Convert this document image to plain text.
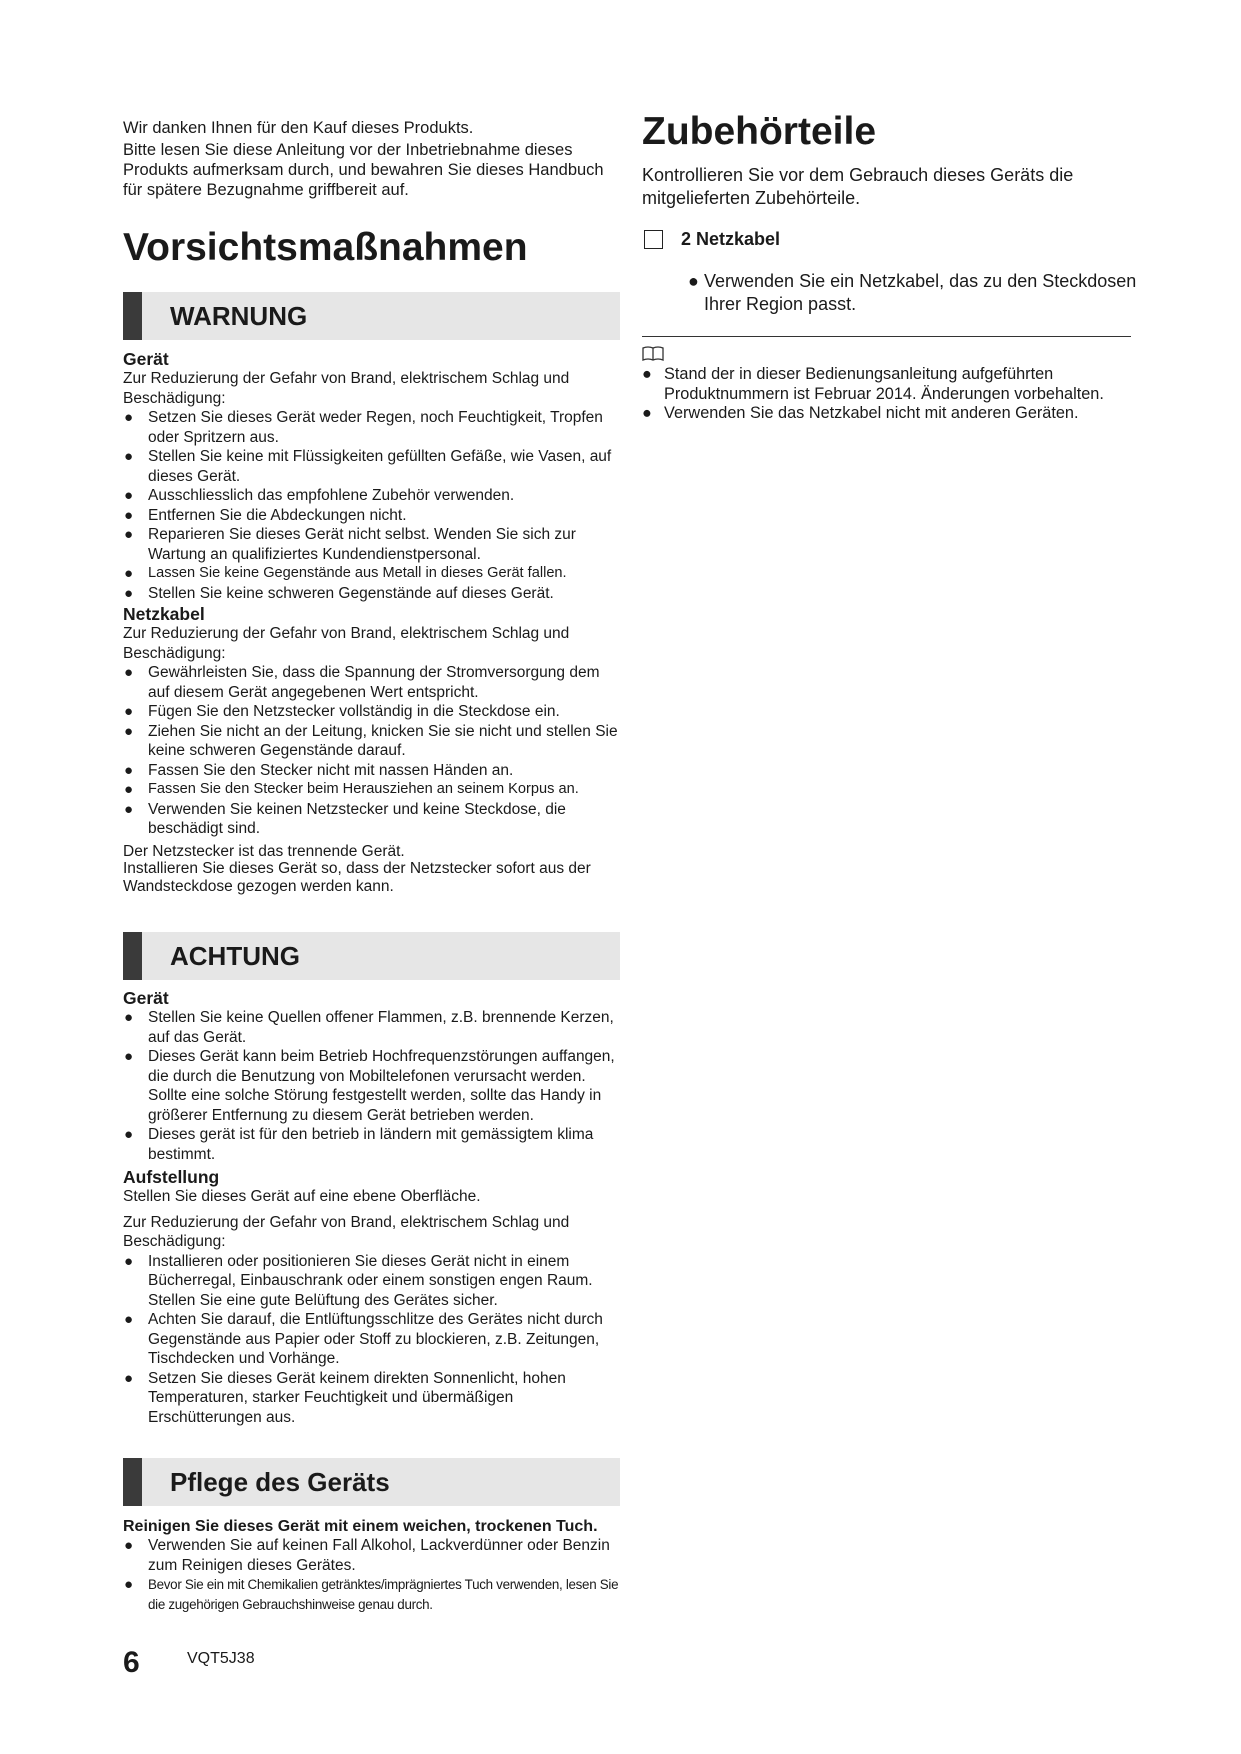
Wir danken Ihnen für den Kauf dieses Produkts.

Bitte lesen Sie diese Anleitung vor der Inbetriebnahme dieses Produkts aufmerksam durch, und bewahren Sie dieses Handbuch für spätere Bezugnahme griffbereit auf.

Vorsichtsmaßnahmen
WARNUNG

Gerät

Zur Reduzierung der Gefahr von Brand, elektrischem Schlag und Beschädigung:

● Setzen Sie dieses Gerät weder Regen, noch Feuchtigkeit, Tropfen oder Spritzern aus.
● Stellen Sie keine mit Flüssigkeiten gefüllten Gefäße, wie Vasen, auf dieses Gerät.
● Ausschliesslich das empfohlene Zubehör verwenden.
● Entfernen Sie die Abdeckungen nicht.
● Reparieren Sie dieses Gerät nicht selbst. Wenden Sie sich zur Wartung an qualifiziertes Kundendienstpersonal.
● Lassen Sie keine Gegenstände aus Metall in dieses Gerät fallen.
● Stellen Sie keine schweren Gegenstände auf dieses Gerät.

Netzkabel

Zur Reduzierung der Gefahr von Brand, elektrischem Schlag und Beschädigung:

● Gewährleisten Sie, dass die Spannung der Stromversorgung dem auf diesem Gerät angegebenen Wert entspricht.
● Fügen Sie den Netzstecker vollständig in die Steckdose ein.
● Ziehen Sie nicht an der Leitung, knicken Sie sie nicht und stellen Sie keine schweren Gegenstände darauf.
● Fassen Sie den Stecker nicht mit nassen Händen an.
● Fassen Sie den Stecker beim Herausziehen an seinem Korpus an.
● Verwenden Sie keinen Netzstecker und keine Steckdose, die beschädigt sind.

Der Netzstecker ist das trennende Gerät.

Installieren Sie dieses Gerät so, dass der Netzstecker sofort aus der Wandsteckdose gezogen werden kann.

ACHTUNG

Gerät

● Stellen Sie keine Quellen offener Flammen, z.B. brennende Kerzen, auf das Gerät.
● Dieses Gerät kann beim Betrieb Hochfrequenzstörungen auffangen, die durch die Benutzung von Mobiltelefonen verursacht werden. Sollte eine solche Störung festgestellt werden, sollte das Handy in größerer Entfernung zu diesem Gerät betrieben werden.
● Dieses gerät ist für den betrieb in ländern mit gemässigtem klima bestimmt.

Aufstellung

Stellen Sie dieses Gerät auf eine ebene Oberfläche.

Zur Reduzierung der Gefahr von Brand, elektrischem Schlag und Beschädigung:

● Installieren oder positionieren Sie dieses Gerät nicht in einem Bücherregal, Einbauschrank oder einem sonstigen engen Raum. Stellen Sie eine gute Belüftung des Gerätes sicher.
● Achten Sie darauf, die Entlüftungsschlitze des Gerätes nicht durch Gegenstände aus Papier oder Stoff zu blockieren, z.B. Zeitungen, Tischdecken und Vorhänge.
● Setzen Sie dieses Gerät keinem direkten Sonnenlicht, hohen Temperaturen, starker Feuchtigkeit und übermäßigen Erschütterungen aus.
Pflege des Geräts

Reinigen Sie dieses Gerät mit einem weichen, trockenen Tuch.

● Verwenden Sie auf keinen Fall Alkohol, Lackverdünner oder Benzin zum Reinigen dieses Gerätes.
● Bevor Sie ein mit Chemikalien getränktes/imprägniertes Tuch verwenden, lesen Sie die zugehörigen Gebrauchshinweise genau durch.
Zubehörteile

Kontrollieren Sie vor dem Gebrauch dieses Geräts die mitgelieferten Zubehörteile.

2 Netzkabel
● Verwenden Sie ein Netzkabel, das zu den Steckdosen Ihrer Region passt.
● Stand der in dieser Bedienungsanleitung aufgeführten Produktnummern ist Februar 2014. Änderungen vorbehalten.
● Verwenden Sie das Netzkabel nicht mit anderen Geräten.
6	VQT5J38
